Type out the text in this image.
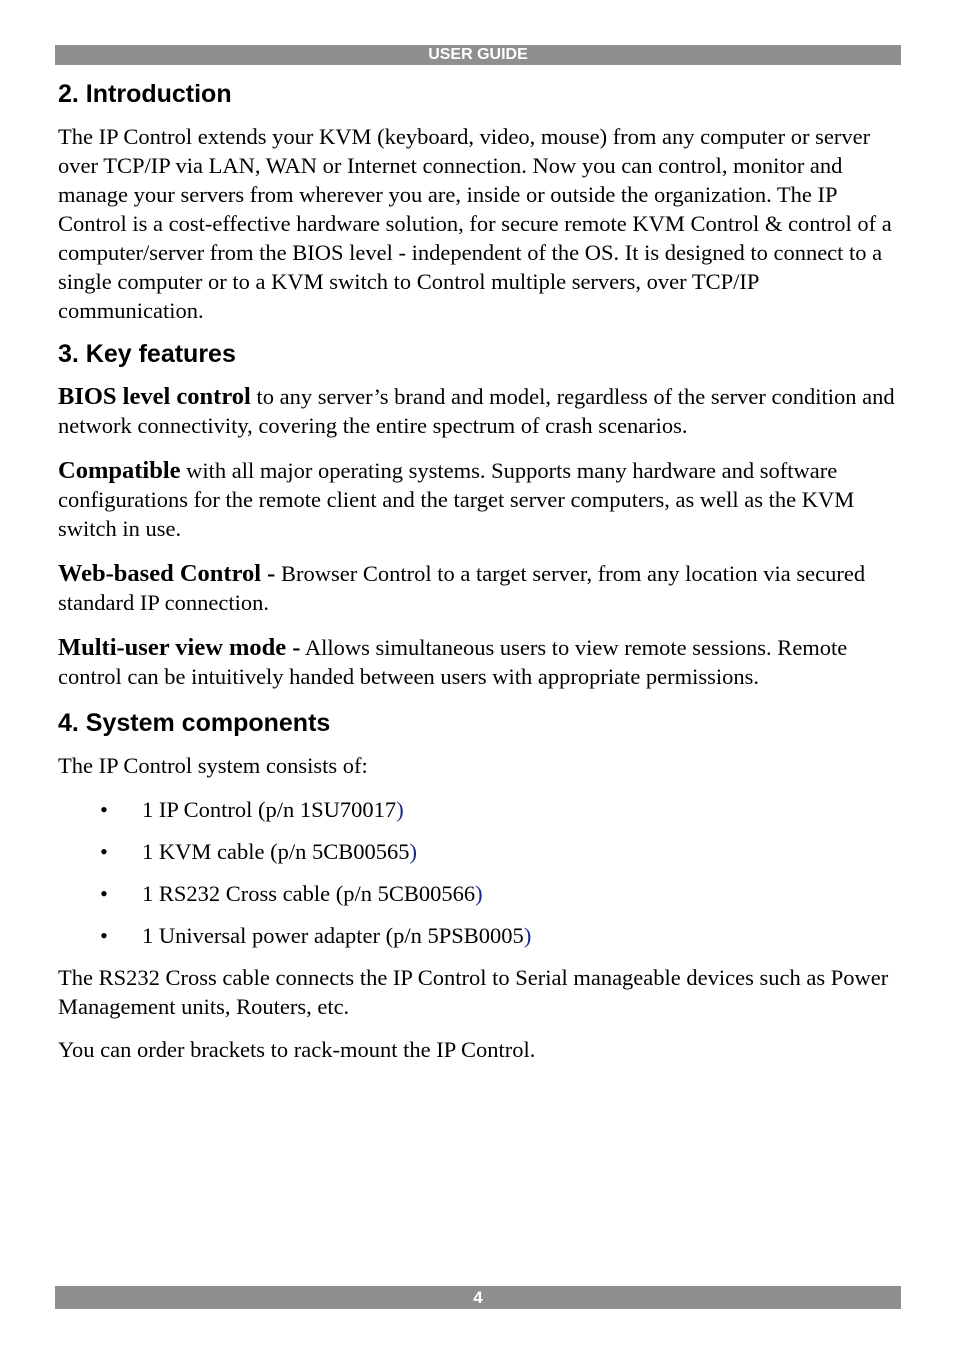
USER GUIDE
2. Introduction

The IP Control extends your KVM (keyboard, video, mouse) from any computer or server over TCP/IP via LAN, WAN or Internet connection. Now you can control, monitor and manage your servers from wherever you are, inside or outside the organization. The IP Control is a cost-effective hardware solution, for secure remote KVM Control & control of a computer/server from the BIOS level - independent of the OS. It is designed to connect to a single computer or to a KVM switch to Control multiple servers, over TCP/IP communication.

3. Key features

BIOS level control to any server’s brand and model, regardless of the server condition and network connectivity, covering the entire spectrum of crash scenarios.

Compatible with all major operating systems. Supports many hardware and software configurations for the remote client and the target server computers, as well as the KVM switch in use.

Web-based Control - Browser Control to a target server, from any location via secured standard IP connection.

Multi-user view mode - Allows simultaneous users to view remote sessions. Remote control can be intuitively handed between users with appropriate permissions.

4. System components

The IP Control system consists of:

• 1 IP Control (p/n 1SU70017)
• 1 KVM cable (p/n 5CB00565)
• 1 RS232 Cross cable (p/n 5CB00566)
• 1 Universal power adapter (p/n 5PSB0005)

The RS232 Cross cable connects the IP Control to Serial manageable devices such as Power Management units, Routers, etc.

You can order brackets to rack-mount the IP Control.

4
